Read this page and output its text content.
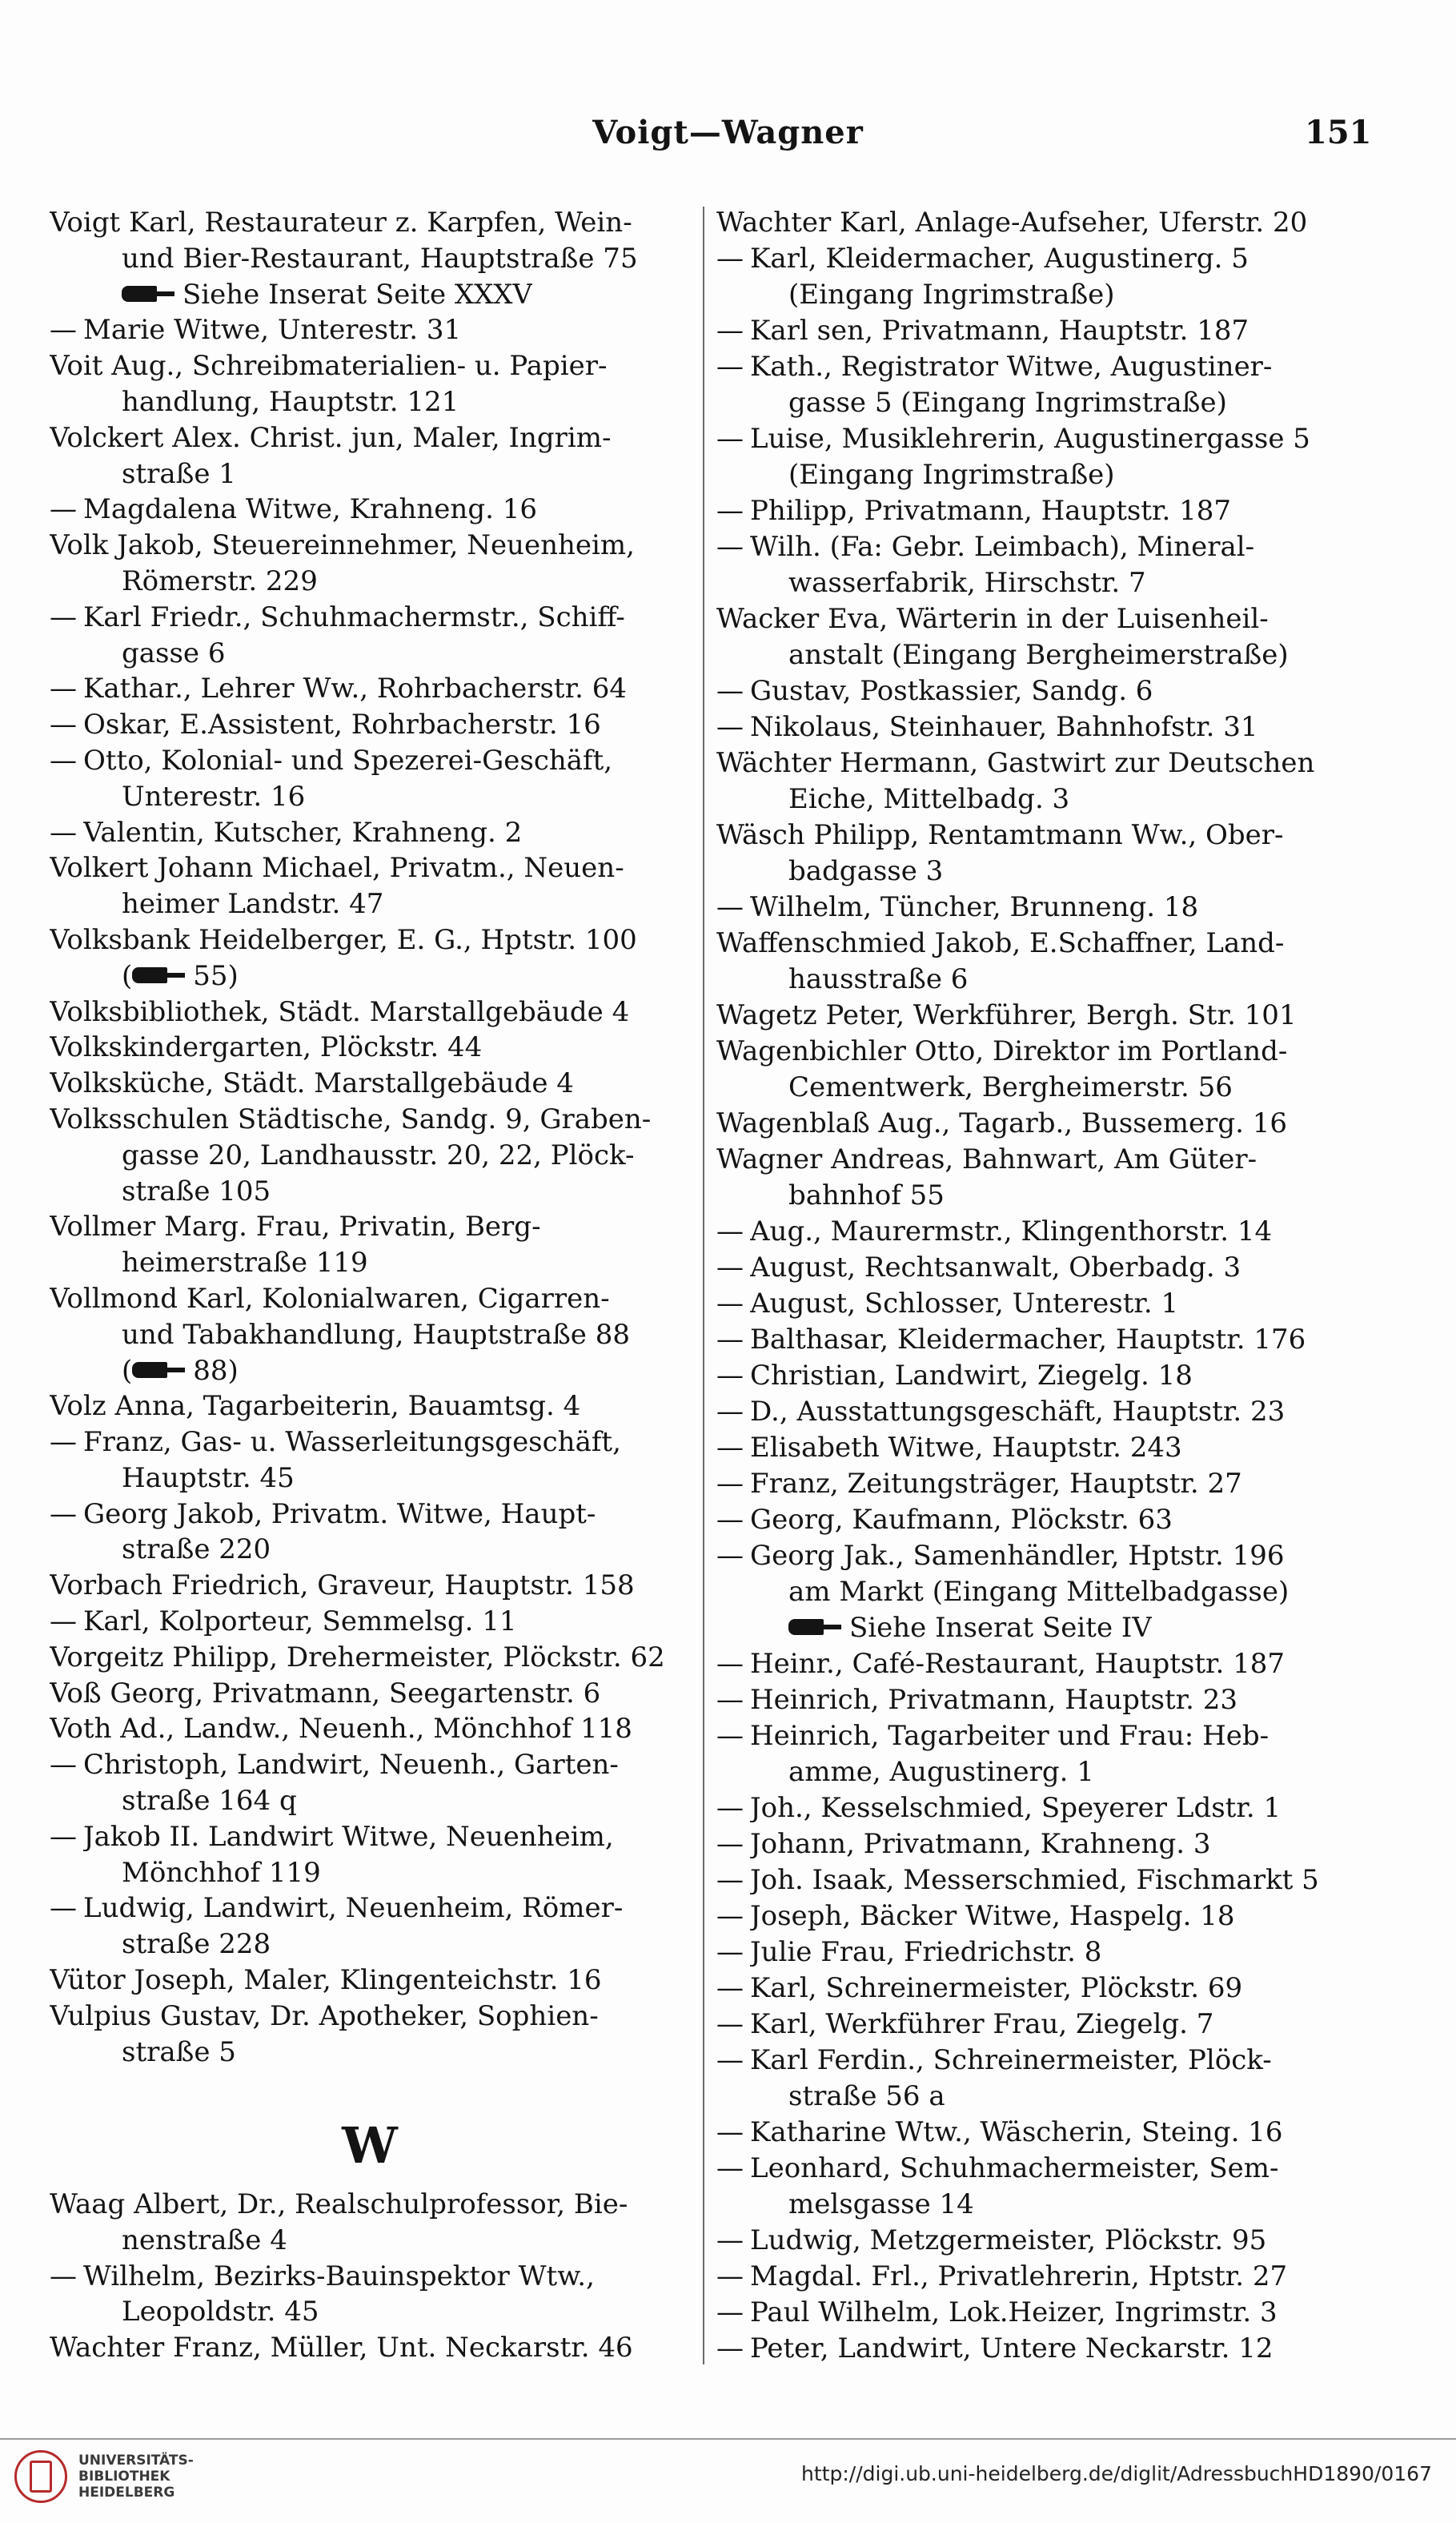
Voigt—Wagner	151
Voigt Karl, Restaurateur z. Karpfen, Wein-
und Bier-Restaurant, Hauptstraße 75
Siehe Inserat Seite XXXV
— Marie Witwe, Unterestr. 31
Voit Aug., Schreibmaterialien- u. Papier-
handlung, Hauptstr. 121
Volckert Alex. Christ. jun, Maler, Ingrim-
straße 1
— Magdalena Witwe, Krahneng. 16
Volk Jakob, Steuereinnehmer, Neuenheim,
Römerstr. 229
— Karl Friedr., Schuhmachermstr., Schiff-
gasse 6
— Kathar., Lehrer Ww., Rohrbacherstr. 64
— Oskar, E.Assistent, Rohrbacherstr. 16
— Otto, Kolonial- und Spezerei-Geschäft,
Unterestr. 16
— Valentin, Kutscher, Krahneng. 2
Volkert Johann Michael, Privatm., Neuen-
heimer Landstr. 47
Volksbank Heidelberger, E. G., Hptstr. 100
( 55)
Volksbibliothek, Städt. Marstallgebäude 4
Volkskindergarten, Plöckstr. 44
Volksküche, Städt. Marstallgebäude 4
Volksschulen Städtische, Sandg. 9, Graben-
gasse 20, Landhausstr. 20, 22, Plöck-
straße 105
Vollmer Marg. Frau, Privatin, Berg-
heimerstraße 119
Vollmond Karl, Kolonialwaren, Cigarren-
und Tabakhandlung, Hauptstraße 88
( 88)
Volz Anna, Tagarbeiterin, Bauamtsg. 4
— Franz, Gas- u. Wasserleitungsgeschäft,
Hauptstr. 45
— Georg Jakob, Privatm. Witwe, Haupt-
straße 220
Vorbach Friedrich, Graveur, Hauptstr. 158
— Karl, Kolporteur, Semmelsg. 11
Vorgeitz Philipp, Drehermeister, Plöckstr. 62
Voß Georg, Privatmann, Seegartenstr. 6
Voth Ad., Landw., Neuenh., Mönchhof 118
— Christoph, Landwirt, Neuenh., Garten-
straße 164 q
— Jakob II. Landwirt Witwe, Neuenheim,
Mönchhof 119
— Ludwig, Landwirt, Neuenheim, Römer-
straße 228
Vütor Joseph, Maler, Klingenteichstr. 16
Vulpius Gustav, Dr. Apotheker, Sophien-
straße 5
W
Waag Albert, Dr., Realschulprofessor, Bie-
nenstraße 4
— Wilhelm, Bezirks-Bauinspektor Wtw.,
Leopoldstr. 45
Wachter Franz, Müller, Unt. Neckarstr. 46
Wachter Karl, Anlage-Aufseher, Uferstr. 20
— Karl, Kleidermacher, Augustinerg. 5
(Eingang Ingrimstraße)
— Karl sen, Privatmann, Hauptstr. 187
— Kath., Registrator Witwe, Augustiner-
gasse 5 (Eingang Ingrimstraße)
— Luise, Musiklehrerin, Augustinergasse 5
(Eingang Ingrimstraße)
— Philipp, Privatmann, Hauptstr. 187
— Wilh. (Fa: Gebr. Leimbach), Mineral-
wasserfabrik, Hirschstr. 7
Wacker Eva, Wärterin in der Luisenheil-
anstalt (Eingang Bergheimerstraße)
— Gustav, Postkassier, Sandg. 6
— Nikolaus, Steinhauer, Bahnhofstr. 31
Wächter Hermann, Gastwirt zur Deutschen
Eiche, Mittelbadg. 3
Wäsch Philipp, Rentamtmann Ww., Ober-
badgasse 3
— Wilhelm, Tüncher, Brunneng. 18
Waffenschmied Jakob, E.Schaffner, Land-
hausstraße 6
Wagetz Peter, Werkführer, Bergh. Str. 101
Wagenbichler Otto, Direktor im Portland-
Cementwerk, Bergheimerstr. 56
Wagenblaß Aug., Tagarb., Bussemerg. 16
Wagner Andreas, Bahnwart, Am Güter-
bahnhof 55
— Aug., Maurermstr., Klingenthorstr. 14
— August, Rechtsanwalt, Oberbadg. 3
— August, Schlosser, Unterestr. 1
— Balthasar, Kleidermacher, Hauptstr. 176
— Christian, Landwirt, Ziegelg. 18
— D., Ausstattungsgeschäft, Hauptstr. 23
— Elisabeth Witwe, Hauptstr. 243
— Franz, Zeitungsträger, Hauptstr. 27
— Georg, Kaufmann, Plöckstr. 63
— Georg Jak., Samenhändler, Hptstr. 196
am Markt (Eingang Mittelbadgasse)
Siehe Inserat Seite IV
— Heinr., Café-Restaurant, Hauptstr. 187
— Heinrich, Privatmann, Hauptstr. 23
— Heinrich, Tagarbeiter und Frau: Heb-
amme, Augustinerg. 1
— Joh., Kesselschmied, Speyerer Ldstr. 1
— Johann, Privatmann, Krahneng. 3
— Joh. Isaak, Messerschmied, Fischmarkt 5
— Joseph, Bäcker Witwe, Haspelg. 18
— Julie Frau, Friedrichstr. 8
— Karl, Schreinermeister, Plöckstr. 69
— Karl, Werkführer Frau, Ziegelg. 7
— Karl Ferdin., Schreinermeister, Plöck-
straße 56 a
— Katharine Wtw., Wäscherin, Steing. 16
— Leonhard, Schuhmachermeister, Sem-
melsgasse 14
— Ludwig, Metzgermeister, Plöckstr. 95
— Magdal. Frl., Privatlehrerin, Hptstr. 27
— Paul Wilhelm, Lok.Heizer, Ingrimstr. 3
— Peter, Landwirt, Untere Neckarstr. 12
UNIVERSITÄTS-
BIBLIOTHEK
HEIDELBERG
http://digi.ub.uni-heidelberg.de/diglit/AdressbuchHD1890/0167
